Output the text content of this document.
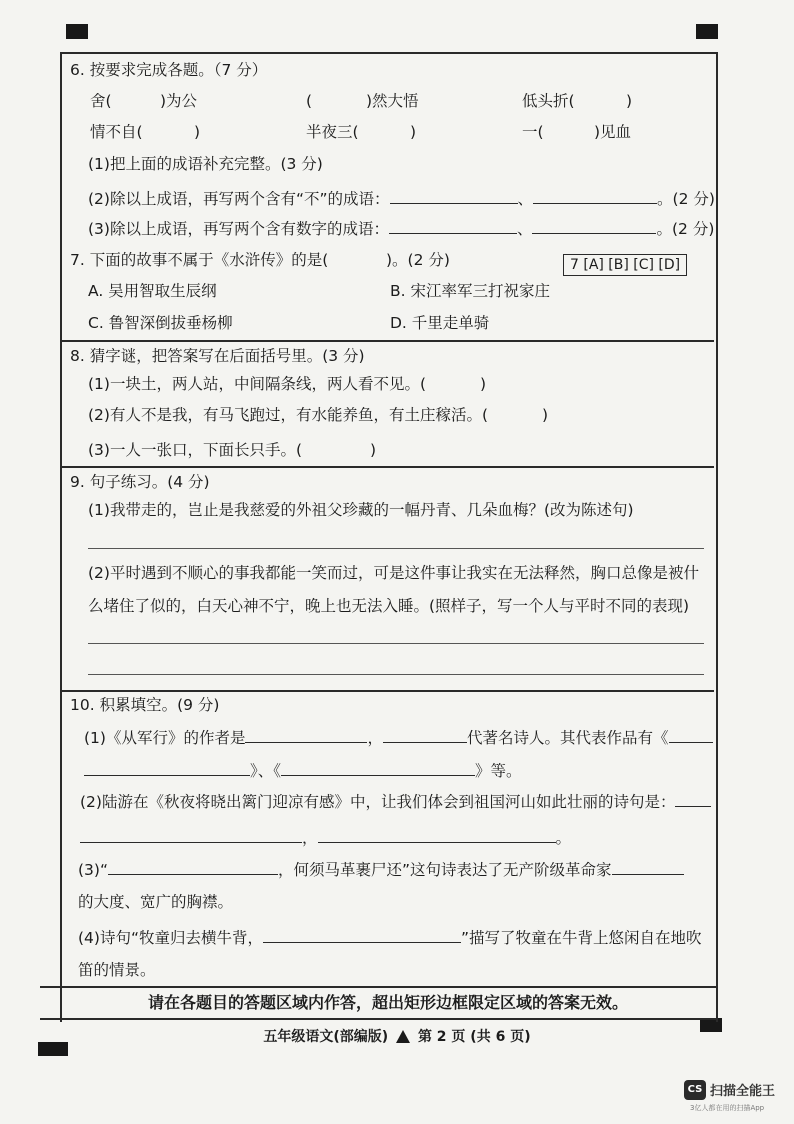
6. 按要求完成各题。（7 分）
舍(	)为公	(	)然大悟	低头折(	)
情不自(	)	半夜三(	)	一(	)见血
(1)把上面的成语补充完整。(3 分)
(2)除以上成语，再写两个含有“不”的成语：	、	。(2 分)
(3)除以上成语，再写两个含有数字的成语：	、	。(2 分)
7. 下面的故事不属于《水浒传》的是(	)。(2 分)	7 [A] [B] [C] [D]
A. 吴用智取生辰纲	B. 宋江率军三打祝家庄
C. 鲁智深倒拔垂杨柳	D. 千里走单骑
8. 猜字谜，把答案写在后面括号里。(3 分)
(1)一块土，两人站，中间隔条线，两人看不见。(	)
(2)有人不是我，有马飞跑过，有水能养鱼，有土庄稼活。(	)
(3)一人一张口，下面长只手。(	)
9. 句子练习。(4 分)
(1)我带走的，岂止是我慈爱的外祖父珍藏的一幅丹青、几朵血梅？(改为陈述句)
(2)平时遇到不顺心的事我都能一笑而过，可是这件事让我实在无法释然，胸口总像是被什
么堵住了似的，白天心神不宁，晚上也无法入睡。(照样子，写一个人与平时不同的表现)
10. 积累填空。(9 分)
(1)《从军行》的作者是	，	代著名诗人。其代表作品有《
》、《	》等。
(2)陆游在《秋夜将晓出篱门迎凉有感》中，让我们体会到祖国河山如此壮丽的诗句是：
，	。
(3)“	，何须马革裹尸还”这句诗表达了无产阶级革命家
的大度、宽广的胸襟。
(4)诗句“牧童归去横牛背，	”描写了牧童在牛背上悠闲自在地吹
笛的情景。
请在各题目的答题区域内作答，超出矩形边框限定区域的答案无效。
五年级语文(部编版) 第 2 页 (共 6 页)
CS 扫描全能王
3亿人都在用的扫描App
